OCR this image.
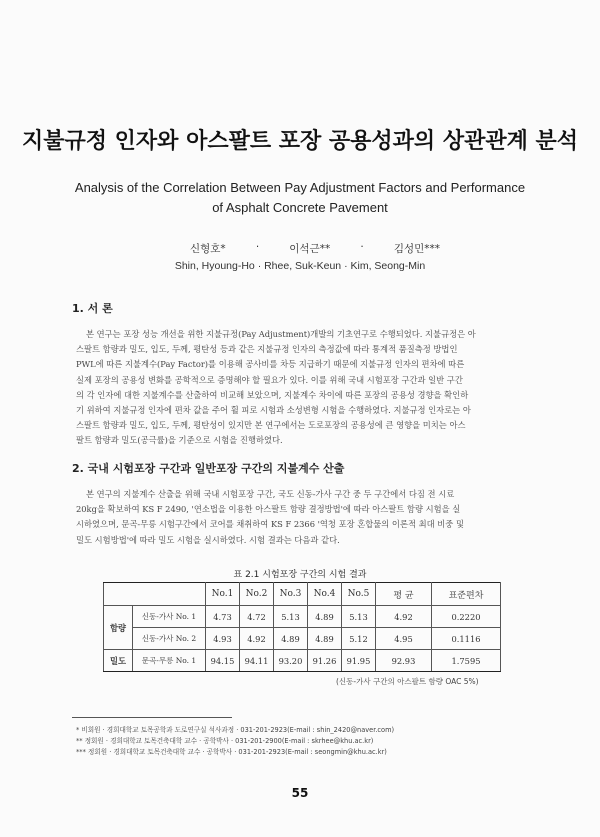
지불규정 인자와 아스팔트 포장 공용성과의 상관관계 분석
Analysis of the Correlation Between Pay Adjustment Factors and Performance
of Asphalt Concrete Pavement
신형호*	·	이석근**	·	김성민***
Shin, Hyoung-Ho · Rhee, Suk-Keun · Kim, Seong-Min
1. 서 론
본 연구는 포장 성능 개선을 위한 지불규정(Pay Adjustment)개발의 기초연구로 수행되었다. 지불규정은 아
스팔트 함량과 밀도, 입도, 두께, 평탄성 등과 같은 지불규정 인자의 측정값에 따라 통계적 품질측정 방법인
PWL에 따른 지불계수(Pay Factor)를 이용해 공사비를 차등 지급하기 때문에 지불규정 인자의 편차에 따른
실제 포장의 공용성 변화를 공학적으로 증명해야 할 필요가 있다. 이를 위해 국내 시험포장 구간과 일반 구간
의 각 인자에 대한 지불계수를 산출하여 비교해 보았으며, 지불계수 차이에 따른 포장의 공용성 경향을 확인하
기 위하여 지불규정 인자에 편차 값을 주어 휠 피로 시험과 소성변형 시험을 수행하였다. 지불규정 인자로는 아
스팔트 함량과 밀도, 입도, 두께, 평탄성이 있지만 본 연구에서는 도로포장의 공용성에 큰 영향을 미치는 아스
팔트 함량과 밀도(공극률)을 기준으로 시험을 진행하였다.
2. 국내 시험포장 구간과 일반포장 구간의 지불계수 산출
본 연구의 지불계수 산출을 위해 국내 시험포장 구간, 국도 신동-가사 구간 중 두 구간에서 다짐 전 시료
20kg을 확보하여 KS F 2490, '연소법을 이용한 아스팔트 함량 결정방법'에 따라 아스팔트 함량 시험을 실
시하였으며, 문곡-무릉 시험구간에서 코어를 채취하여 KS F 2366 '역청 포장 혼합물의 이론적 최대 비중 및
밀도 시험방법'에 따라 밀도 시험을 실시하였다. 시험 결과는 다음과 같다.
표 2.1 시험포장 구간의 시험 결과
		No.1	No.2	No.3	No.4	No.5	평 균	표준편차
함량	신동-가사 No. 1	4.73	4.72	5.13	4.89	5.13	4.92	0.2220
	신동-가사 No. 2	4.93	4.92	4.89	4.89	5.12	4.95	0.1116
밀도	문곡-무릉 No. 1	94.15	94.11	93.20	91.26	91.95	92.93	1.7595
(신동-가사 구간의 아스팔트 함량 OAC 5%)
* 비회원 · 경희대학교 토목공학과 도로연구실 석사과정 · 031-201-2923(E-mail : shin_2420@naver.com)
** 정회원 · 경희대학교 토목건축대학 교수 · 공학박사 · 031-201-2900(E-mail : skrhee@khu.ac.kr)
*** 정회원 · 경희대학교 토목건축대학 교수 · 공학박사 · 031-201-2923(E-mail : seongmin@khu.ac.kr)
55
